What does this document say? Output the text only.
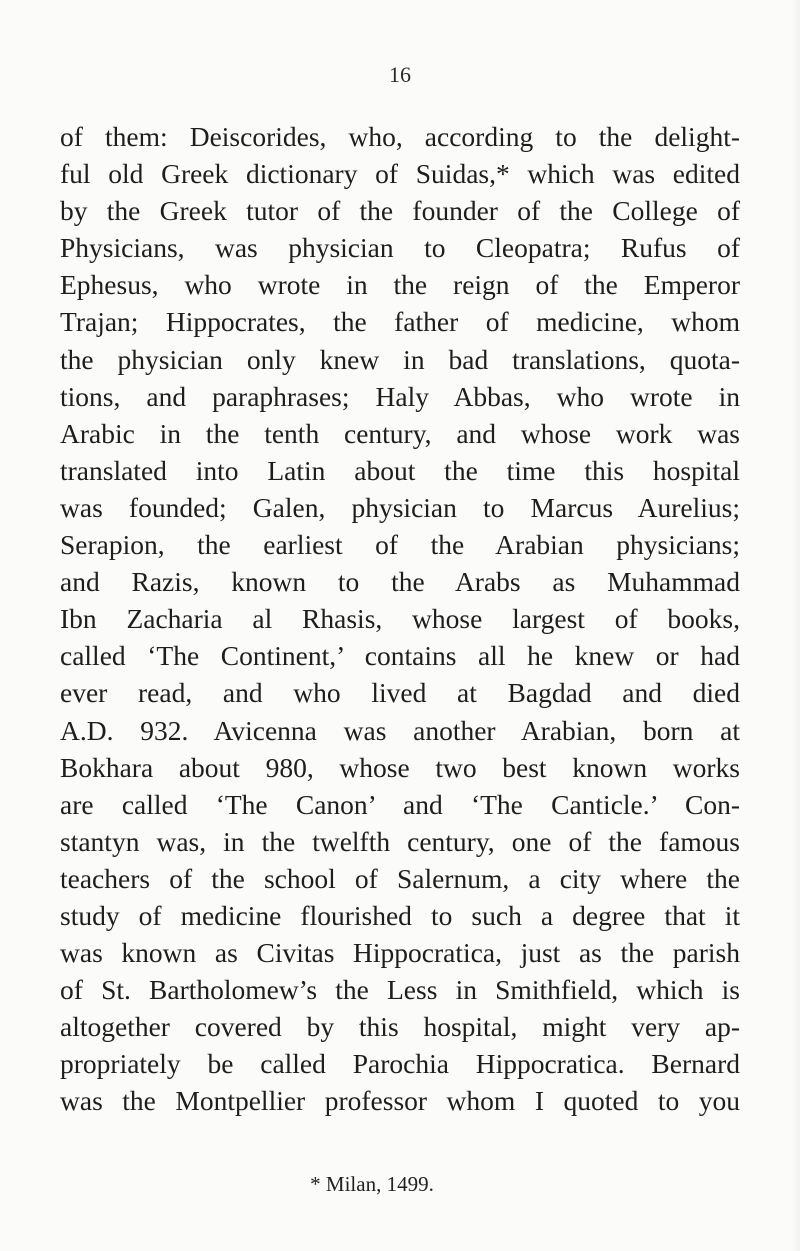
16
of them: Deiscorides, who, according to the delight-
ful old Greek dictionary of Suidas,* which was edited
by the Greek tutor of the founder of the College of
Physicians, was physician to Cleopatra; Rufus of
Ephesus, who wrote in the reign of the Emperor
Trajan; Hippocrates, the father of medicine, whom
the physician only knew in bad translations, quota-
tions, and paraphrases; Haly Abbas, who wrote in
Arabic in the tenth century, and whose work was
translated into Latin about the time this hospital
was founded; Galen, physician to Marcus Aurelius;
Serapion, the earliest of the Arabian physicians;
and Razis, known to the Arabs as Muhammad
Ibn Zacharia al Rhasis, whose largest of books,
called ‘The Continent,’ contains all he knew or had
ever read, and who lived at Bagdad and died
A.D. 932. Avicenna was another Arabian, born at
Bokhara about 980, whose two best known works
are called ‘The Canon’ and ‘The Canticle.’ Con-
stantyn was, in the twelfth century, one of the famous
teachers of the school of Salernum, a city where the
study of medicine flourished to such a degree that it
was known as Civitas Hippocratica, just as the parish
of St. Bartholomew’s the Less in Smithfield, which is
altogether covered by this hospital, might very ap-
propriately be called Parochia Hippocratica. Bernard
was the Montpellier professor whom I quoted to you
* Milan, 1499.
